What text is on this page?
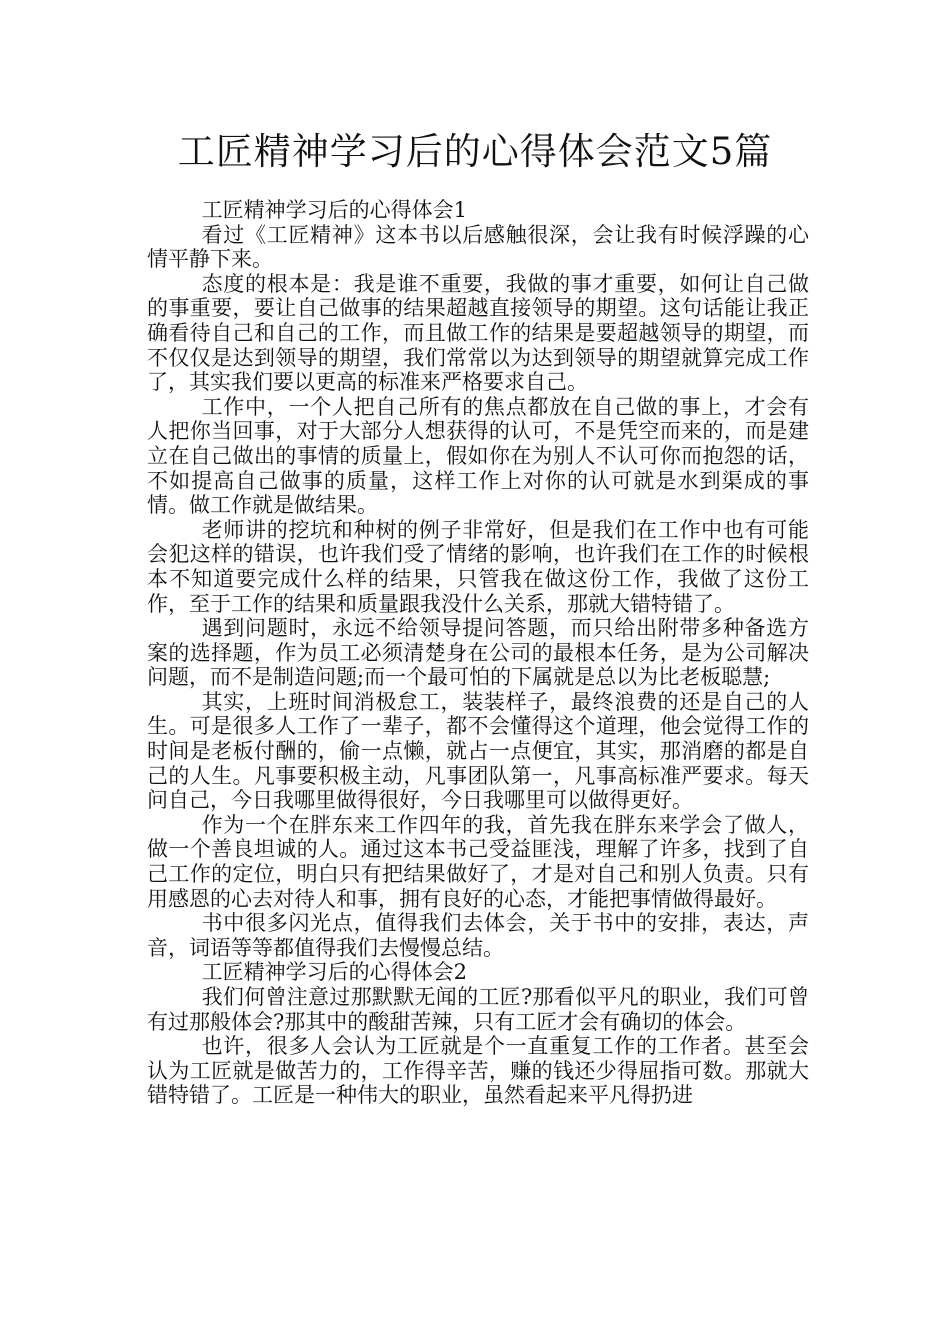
工匠精神学习后的心得体会范文5篇

工匠精神学习后的心得体会1

看过《工匠精神》这本书以后感触很深，会让我有时候浮躁的心情平静下来。

态度的根本是：我是谁不重要，我做的事才重要，如何让自己做的事重要，要让自己做事的结果超越直接领导的期望。这句话能让我正确看待自己和自己的工作，而且做工作的结果是要超越领导的期望，而不仅仅是达到领导的期望，我们常常以为达到领导的期望就算完成工作了，其实我们要以更高的标准来严格要求自己。

工作中，一个人把自己所有的焦点都放在自己做的事上，才会有人把你当回事，对于大部分人想获得的认可，不是凭空而来的，而是建立在自己做出的事情的质量上，假如你在为别人不认可你而抱怨的话，不如提高自己做事的质量，这样工作上对你的认可就是水到渠成的事情。做工作就是做结果。

老师讲的挖坑和种树的例子非常好，但是我们在工作中也有可能会犯这样的错误，也许我们受了情绪的影响，也许我们在工作的时候根本不知道要完成什么样的结果，只管我在做这份工作，我做了这份工作，至于工作的结果和质量跟我没什么关系，那就大错特错了。

遇到问题时，永远不给领导提问答题，而只给出附带多种备选方案的选择题，作为员工必须清楚身在公司的最根本任务，是为公司解决问题，而不是制造问题;而一个最可怕的下属就是总以为比老板聪慧;

其实，上班时间消极怠工，装装样子，最终浪费的还是自己的人生。可是很多人工作了一辈子，都不会懂得这个道理，他会觉得工作的时间是老板付酬的，偷一点懒，就占一点便宜，其实，那消磨的都是自己的人生。凡事要积极主动，凡事团队第一，凡事高标准严要求。每天问自己，今日我哪里做得很好，今日我哪里可以做得更好。

作为一个在胖东来工作四年的我，首先我在胖东来学会了做人，做一个善良坦诚的人。通过这本书己受益匪浅，理解了许多，找到了自己工作的定位，明白只有把结果做好了，才是对自己和别人负责。只有用感恩的心去对待人和事，拥有良好的心态，才能把事情做得最好。

书中很多闪光点，值得我们去体会，关于书中的安排，表达，声音，词语等等都值得我们去慢慢总结。

工匠精神学习后的心得体会2

我们何曾注意过那默默无闻的工匠?那看似平凡的职业，我们可曾有过那般体会?那其中的酸甜苦辣，只有工匠才会有确切的体会。

也许，很多人会认为工匠就是个一直重复工作的工作者。甚至会认为工匠就是做苦力的，工作得辛苦，赚的钱还少得屈指可数。那就大错特错了。工匠是一种伟大的职业，虽然看起来平凡得扔进
